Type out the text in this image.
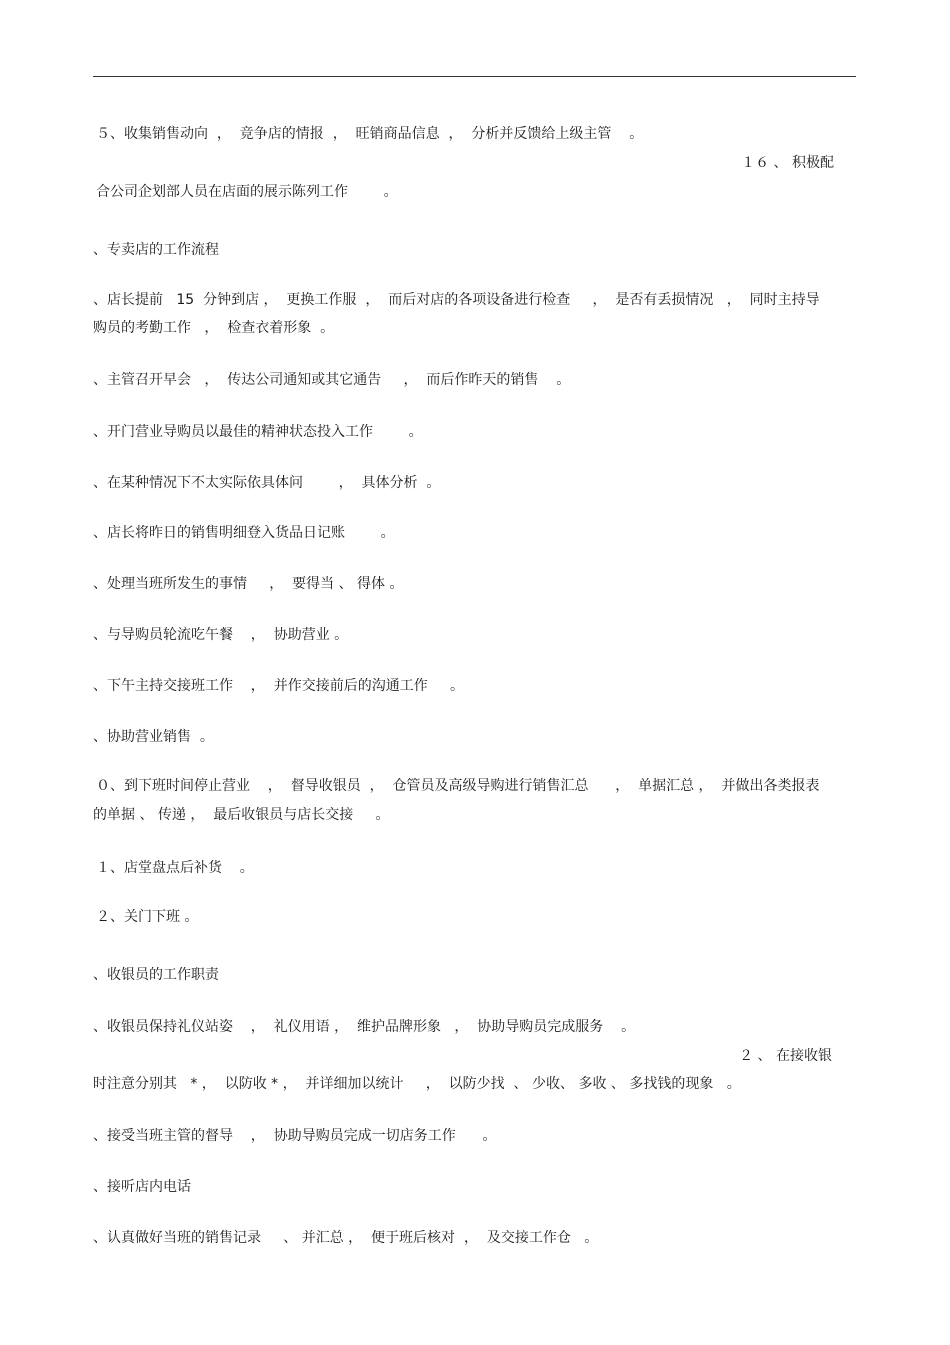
５、收集销售动向  ，  竞争店的情报  ，  旺销商品信息  ，  分析并反馈给上级主管    。
１６ 、 积极配
合公司企划部人员在店面的展示陈列工作        。
、专卖店的工作流程
、店长提前   15  分钟到店 ，  更换工作服  ，  而后对店的各项设备进行检查     ，  是否有丢损情况   ，  同时主持导
购员的考勤工作   ，  检查衣着形象  。
、主管召开早会   ，  传达公司通知或其它通告     ，  而后作昨天的销售    。
、开门营业导购员以最佳的精神状态投入工作        。
、在某种情况下不太实际依具体问        ，  具体分析  。
、店长将昨日的销售明细登入货品日记账        。
、处理当班所发生的事情     ，  要得当 、 得体 。
、与导购员轮流吃午餐    ，  协助营业 。
、下午主持交接班工作    ，  并作交接前后的沟通工作     。
、协助营业销售  。
０、到下班时间停止营业    ，  督导收银员  ，  仓管员及高级导购进行销售汇总      ，  单据汇总 ，  并做出各类报表
的单据 、 传递 ，  最后收银员与店长交接     。
１、店堂盘点后补货    。
２、关门下班 。
、收银员的工作职责
、收银员保持礼仪站姿    ，  礼仪用语 ，  维护品牌形象   ，  协助导购员完成服务    。
２ 、 在接收银
时注意分别其   * ，  以防收 * ，  并详细加以统计     ，  以防少找  、 少收、 多收 、 多找钱的现象   。
、接受当班主管的督导    ，  协助导购员完成一切店务工作      。
、接听店内电话
、认真做好当班的销售记录     、 并汇总 ，  便于班后核对  ，  及交接工作仓   。
